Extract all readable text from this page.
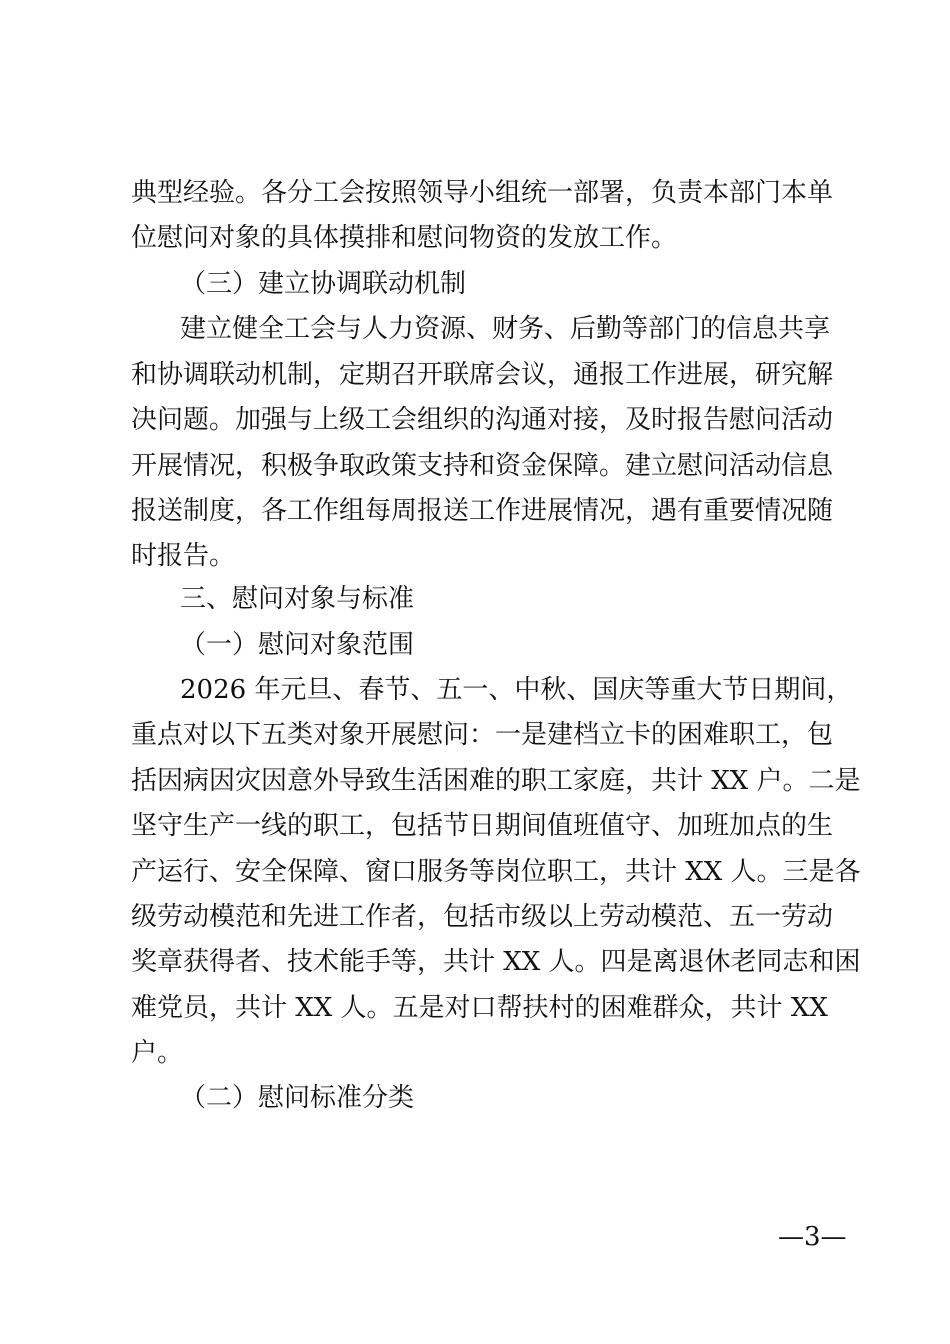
典型经验。各分工会按照领导小组统一部署，负责本部门本单
位慰问对象的具体摸排和慰问物资的发放工作。
（三）建立协调联动机制
建立健全工会与人力资源、财务、后勤等部门的信息共享
和协调联动机制，定期召开联席会议，通报工作进展，研究解
决问题。加强与上级工会组织的沟通对接，及时报告慰问活动
开展情况，积极争取政策支持和资金保障。建立慰问活动信息
报送制度，各工作组每周报送工作进展情况，遇有重要情况随
时报告。
三、慰问对象与标准
（一）慰问对象范围
2026 年元旦、春节、五一、中秋、国庆等重大节日期间，
重点对以下五类对象开展慰问：一是建档立卡的困难职工，包
括因病因灾因意外导致生活困难的职工家庭，共计 XX 户。二是
坚守生产一线的职工，包括节日期间值班值守、加班加点的生
产运行、安全保障、窗口服务等岗位职工，共计 XX 人。三是各
级劳动模范和先进工作者，包括市级以上劳动模范、五一劳动
奖章获得者、技术能手等，共计 XX 人。四是离退休老同志和困
难党员，共计 XX 人。五是对口帮扶村的困难群众，共计 XX
户。
（二）慰问标准分类
—3—
